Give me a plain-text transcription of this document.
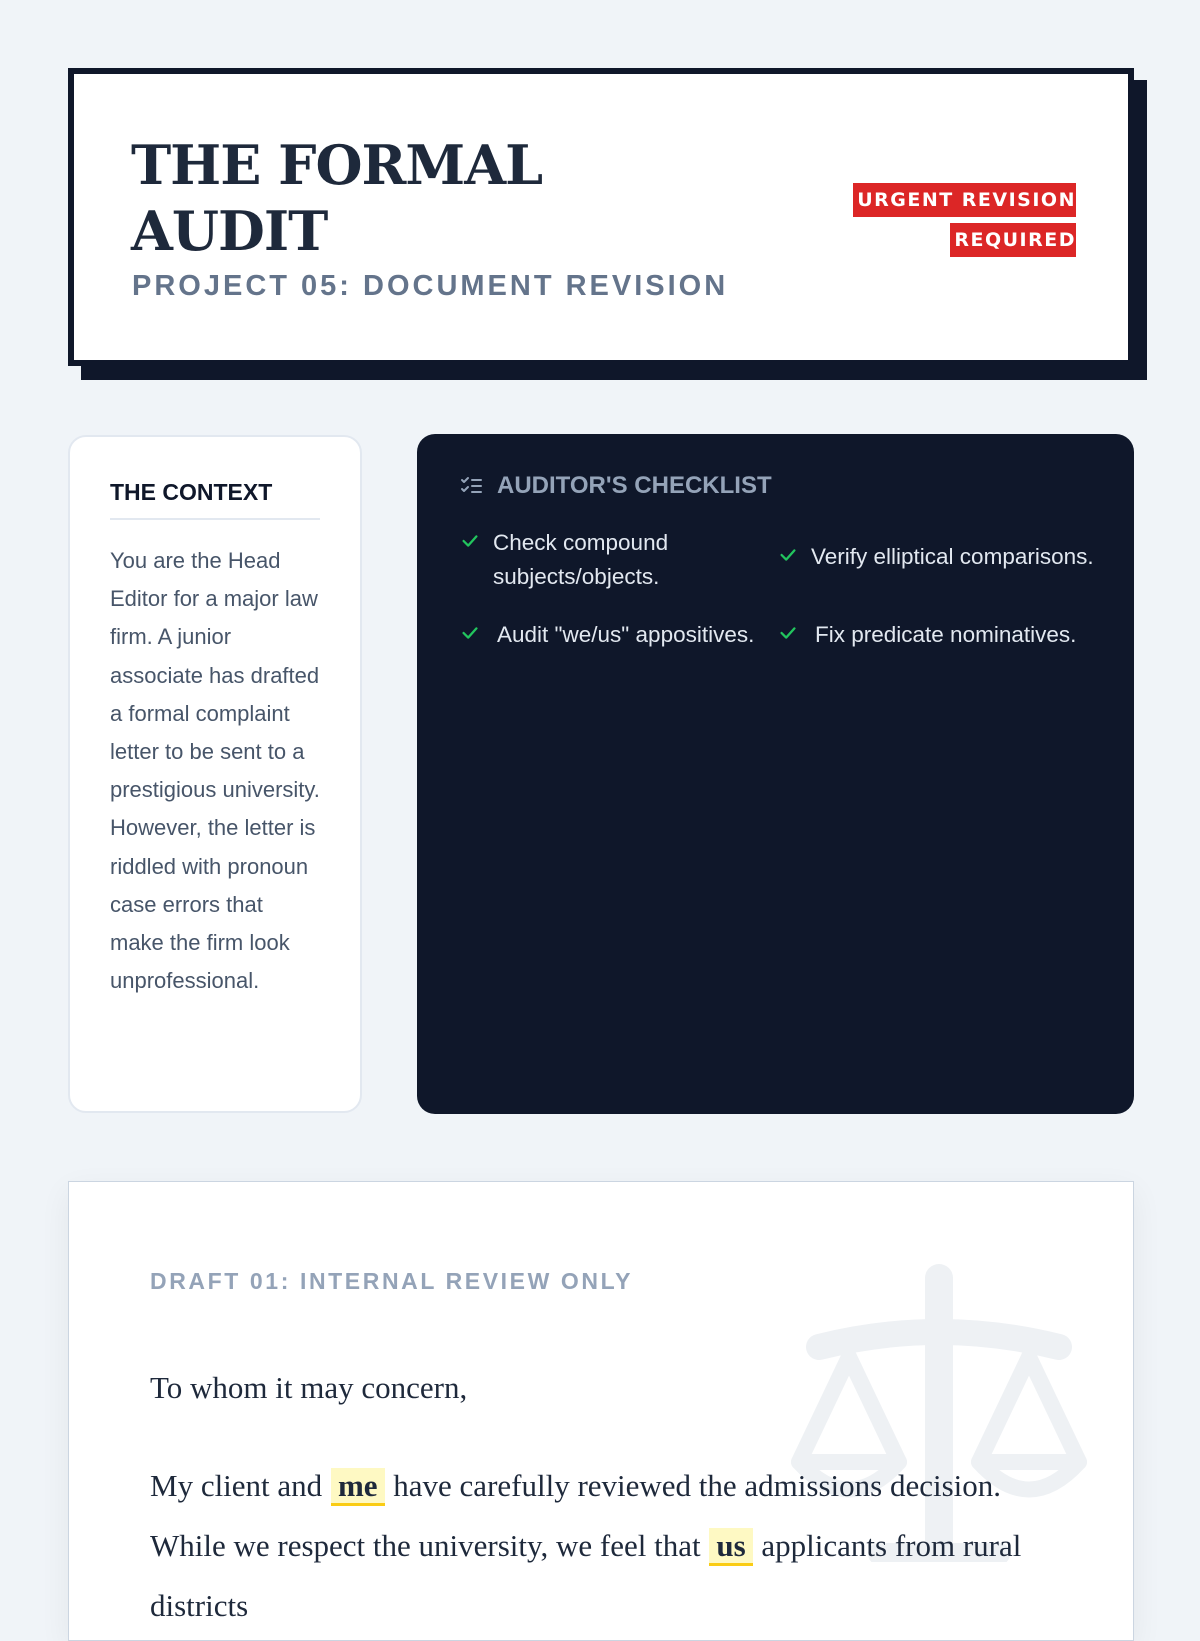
THE FORMAL AUDIT

PROJECT 05: DOCUMENT REVISION

URGENT REVISION REQUIRED
THE CONTEXT

You are the Head Editor for a major law firm. A junior associate has drafted a formal complaint letter to be sent to a prestigious university. However, the letter is riddled with pronoun case errors that make the firm look unprofessional.

AUDITOR'S CHECKLIST
Check compound subjects/objects.
Verify elliptical comparisons.
Audit "we/us" appositives.	Fix predicate nominatives.

DRAFT 01: INTERNAL REVIEW ONLY

To whom it may concern,

My client and me have carefully reviewed the admissions decision. While we respect the university, we feel that us applicants from rural districts
